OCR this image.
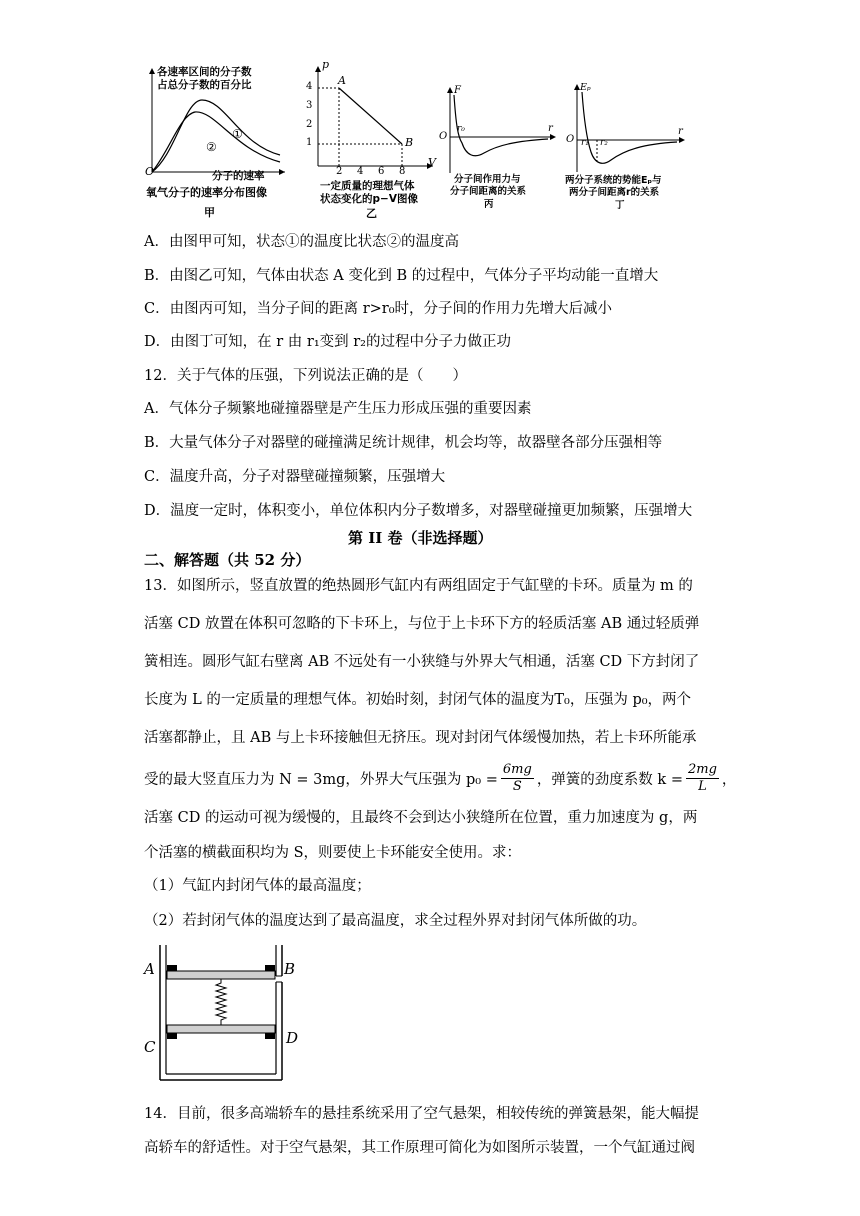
各速率区间的分子数
占总分子数的百分比
O
①
②
分子的速率
氧气分子的速率分布图像
甲
p
V
A
B
4
3
2
1
2 4 6 8
一定质量的理想气体
状态变化的p−V图像
乙
F
O
r₀	r
分子间作用力与
分子间距离的关系
丙
Eₚ
O r₁ r₂
r
两分子系统的势能Eₚ与
两分子间距离r的关系
丁
A．由图甲可知，状态①的温度比状态②的温度高
B．由图乙可知，气体由状态 A 变化到 B 的过程中，气体分子平均动能一直增大
C．由图丙可知，当分子间的距离 r>r₀时，分子间的作用力先增大后减小
D．由图丁可知，在 r 由 r₁变到 r₂的过程中分子力做正功
12．关于气体的压强，下列说法正确的是（　　）
A．气体分子频繁地碰撞器壁是产生压力形成压强的重要因素
B．大量气体分子对器壁的碰撞满足统计规律，机会均等，故器壁各部分压强相等
C．温度升高，分子对器壁碰撞频繁，压强增大
D．温度一定时，体积变小，单位体积内分子数增多，对器壁碰撞更加频繁，压强增大
第 II 卷（非选择题）
二、解答题（共 52 分）
13．如图所示，竖直放置的绝热圆形气缸内有两组固定于气缸壁的卡环。质量为 m 的
活塞 CD 放置在体积可忽略的下卡环上，与位于上卡环下方的轻质活塞 AB 通过轻质弹
簧相连。圆形气缸右壁离 AB 不远处有一小狭缝与外界大气相通，活塞 CD 下方封闭了
长度为 L 的一定质量的理想气体。初始时刻，封闭气体的温度为T₀，压强为 p₀，两个
活塞都静止，且 AB 与上卡环接触但无挤压。现对封闭气体缓慢加热，若上卡环所能承
受的最大竖直压力为 N = 3mg，外界大气压强为 $p_0 = \frac{6mg}{S}$ ，弹簧的劲度系数 $k = \frac{2mg}{L}$ ，
活塞 CD 的运动可视为缓慢的，且最终不会到达小狭缝所在位置，重力加速度为 g，两
个活塞的横截面积均为 S，则要使上卡环能安全使用。求：
（1）气缸内封闭气体的最高温度；
（2）若封闭气体的温度达到了最高温度，求全过程外界对封闭气体所做的功。
A	B
C	D
14．目前，很多高端轿车的悬挂系统采用了空气悬架，相较传统的弹簧悬架，能大幅提
高轿车的舒适性。对于空气悬架，其工作原理可简化为如图所示装置，一个气缸通过阀
